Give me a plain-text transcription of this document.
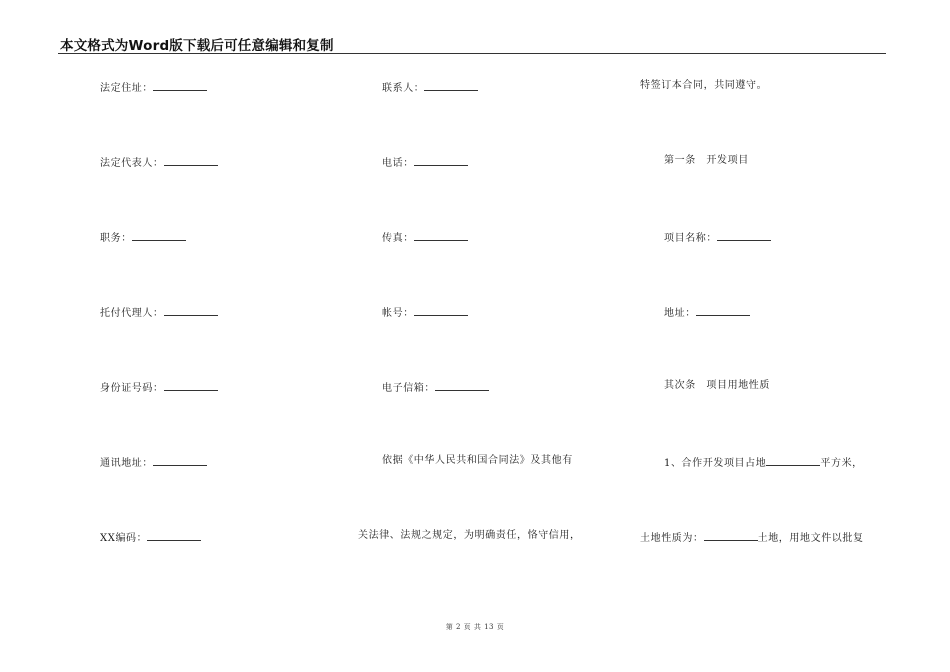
本文格式为Word版下载后可任意编辑和复制
法定住址：
法定代表人：
职务：
托付代理人：
身份证号码：
通讯地址：
XX编码：
联系人：
电话：
传真：
帐号：
电子信箱：
依据《中华人民共和国合同法》及其他有
关法律、法规之规定，为明确责任，恪守信用，
特签订本合同，共同遵守。
第一条　开发项目
项目名称：
地址：
其次条　项目用地性质
1、合作开发项目占地	平方米，
土地性质为：	土地，用地文件以批复
第 2 页 共 13 页
